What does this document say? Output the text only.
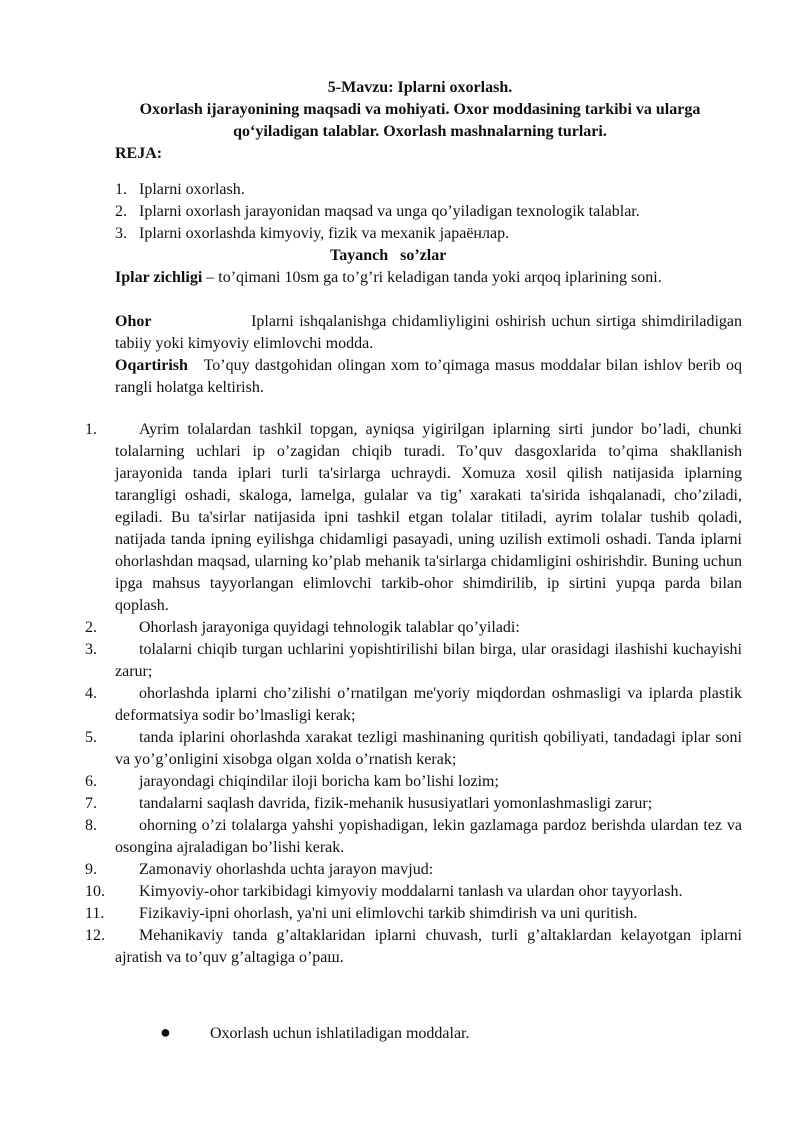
5-Mavzu: Iplarni oxorlash.
Oxorlash ijarayonining maqsadi va mohiyati. Oxor moddasining tarkibi va ularga qo‘yiladigan talablar. Oxorlash mashnalarning turlari.
REJA:
1. Iplarni oxorlash.
2. Iplarni oxorlash jarayonidan maqsad va unga qo’yiladigan texnologik talablar.
3. Iplarni oxorlashda kimyoviy, fizik va mexanik jараёнлар.
Tayanch so’zlar
Iplar zichligi – to’qimani 10sm ga to’g’ri keladigan tanda yoki arqoq iplarining soni.
Ohor                  Iplarni ishqalanishga chidamliyligini oshirish uchun sirtiga shimdiriladigan tabiiy yoki kimyoviy elimlovchi modda.
Oqartirish   To’quy dastgohidan olingan xom to’qimaga masus moddalar bilan ishlov berib oq rangli holatga keltirish.
1.	Ayrim tolalardan tashkil topgan, ayniqsa yigirilgan iplarning sirti jundor bo’ladi, chunki tolalarning uchlari ip o’zagidan chiqib turadi. To’quv dasgoxlarida to’qima shakllanish jarayonida tanda iplari turli ta'sirlarga uchraydi. Xomuza xosil qilish natijasida iplarning tarangligi oshadi, skaloga, lamelga, gulalar va tig’ xarakati ta'sirida ishqalanadi, cho’ziladi, egiladi. Bu ta'sirlar natijasida ipni tashkil etgan tolalar titiladi, ayrim tolalar tushib qoladi, natijada tanda ipning eyilishga chidamligi pasayadi, uning uzilish extimoli oshadi. Tanda iplarni ohorlashdan maqsad, ularning ko’plab mehanik ta'sirlarga chidamligini oshirishdir. Buning uchun ipga mahsus tayyorlangan elimlovchi tarkib-ohor shimdirilib, ip sirtini yupqa parda bilan qoplash.
2.	Ohorlash jarayoniga quyidagi tehnologik talablar qo’yiladi:
3.	tolalarni chiqib turgan uchlarini yopishtirilishi bilan birga, ular orasidagi ilashishi kuchayishi zarur;
4.	ohorlashda iplarni cho’zilishi o’rnatilgan me'yoriy miqdordan oshmasligi va iplarda plastik deformatsiya sodir bo’lmasligi kerak;
5.	tanda iplarini ohorlashda xarakat tezligi mashinaning quritish qobiliyati, tandadagi iplar soni va yo’g’onligini xisobga olgan xolda o’rnatish kerak;
6.	jarayondagi chiqindilar iloji boricha kam bo’lishi lozim;
7.	tandalarni saqlash davrida, fizik-mehanik hususiyatlari yomonlashmasligi zarur;
8.	ohorning o’zi tolalarga yahshi yopishadigan, lekin gazlamaga pardoz berishda ulardan tez va osongina ajraladigan bo’lishi kerak.
9.	Zamonaviy ohorlashda uchta jarayon mavjud:
10.	Kimyoviy-ohor tarkibidagi kimyoviy moddalarni tanlash va ulardan ohor tayyorlash.
11.	Fizikaviy-ipni ohorlash, ya'ni uni elimlovchi tarkib shimdirish va uni quritish.
12.	Mehanikaviy tanda g’altaklaridan iplarni chuvash, turli g’altaklardan kelayotgan iplarni ajratish va to’quv g’altagiga o’раш.
● Oxorlash uchun ishlatiladigan moddalar.
